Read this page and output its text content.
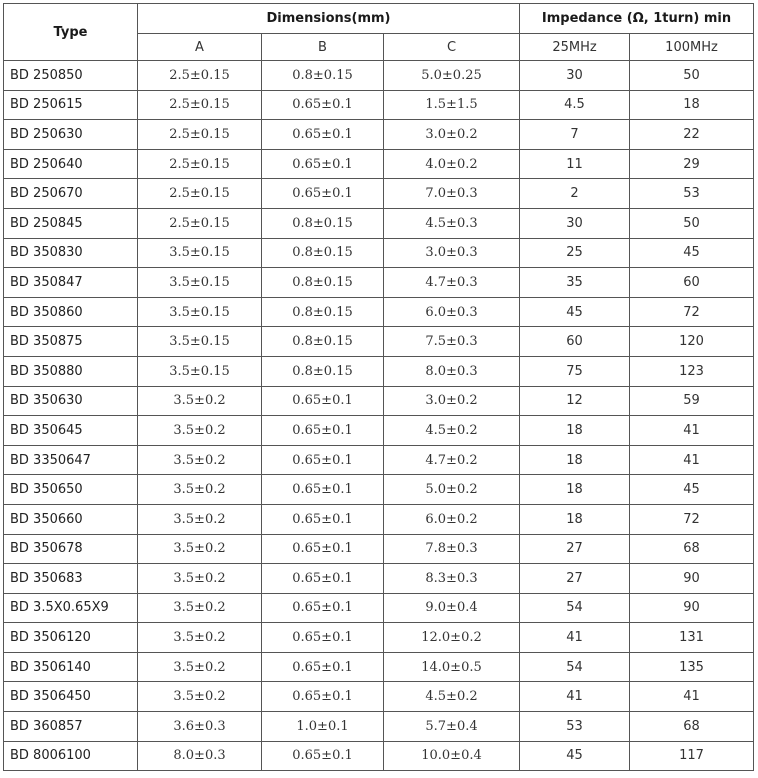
Type	Dimensions(mm)			Impedance (Ω, 1turn) min	
	A	B	C	25MHz	100MHz
BD 250850	2.5±0.15	0.8±0.15	5.0±0.25	30	50
BD 250615	2.5±0.15	0.65±0.1	1.5±1.5	4.5	18
BD 250630	2.5±0.15	0.65±0.1	3.0±0.2	7	22
BD 250640	2.5±0.15	0.65±0.1	4.0±0.2	11	29
BD 250670	2.5±0.15	0.65±0.1	7.0±0.3	2	53
BD 250845	2.5±0.15	0.8±0.15	4.5±0.3	30	50
BD 350830	3.5±0.15	0.8±0.15	3.0±0.3	25	45
BD 350847	3.5±0.15	0.8±0.15	4.7±0.3	35	60
BD 350860	3.5±0.15	0.8±0.15	6.0±0.3	45	72
BD 350875	3.5±0.15	0.8±0.15	7.5±0.3	60	120
BD 350880	3.5±0.15	0.8±0.15	8.0±0.3	75	123
BD 350630	3.5±0.2	0.65±0.1	3.0±0.2	12	59
BD 350645	3.5±0.2	0.65±0.1	4.5±0.2	18	41
BD 3350647	3.5±0.2	0.65±0.1	4.7±0.2	18	41
BD 350650	3.5±0.2	0.65±0.1	5.0±0.2	18	45
BD 350660	3.5±0.2	0.65±0.1	6.0±0.2	18	72
BD 350678	3.5±0.2	0.65±0.1	7.8±0.3	27	68
BD 350683	3.5±0.2	0.65±0.1	8.3±0.3	27	90
BD 3.5X0.65X9	3.5±0.2	0.65±0.1	9.0±0.4	54	90
BD 3506120	3.5±0.2	0.65±0.1	12.0±0.2	41	131
BD 3506140	3.5±0.2	0.65±0.1	14.0±0.5	54	135
BD 3506450	3.5±0.2	0.65±0.1	4.5±0.2	41	41
BD 360857	3.6±0.3	1.0±0.1	5.7±0.4	53	68
BD 8006100	8.0±0.3	0.65±0.1	10.0±0.4	45	117
